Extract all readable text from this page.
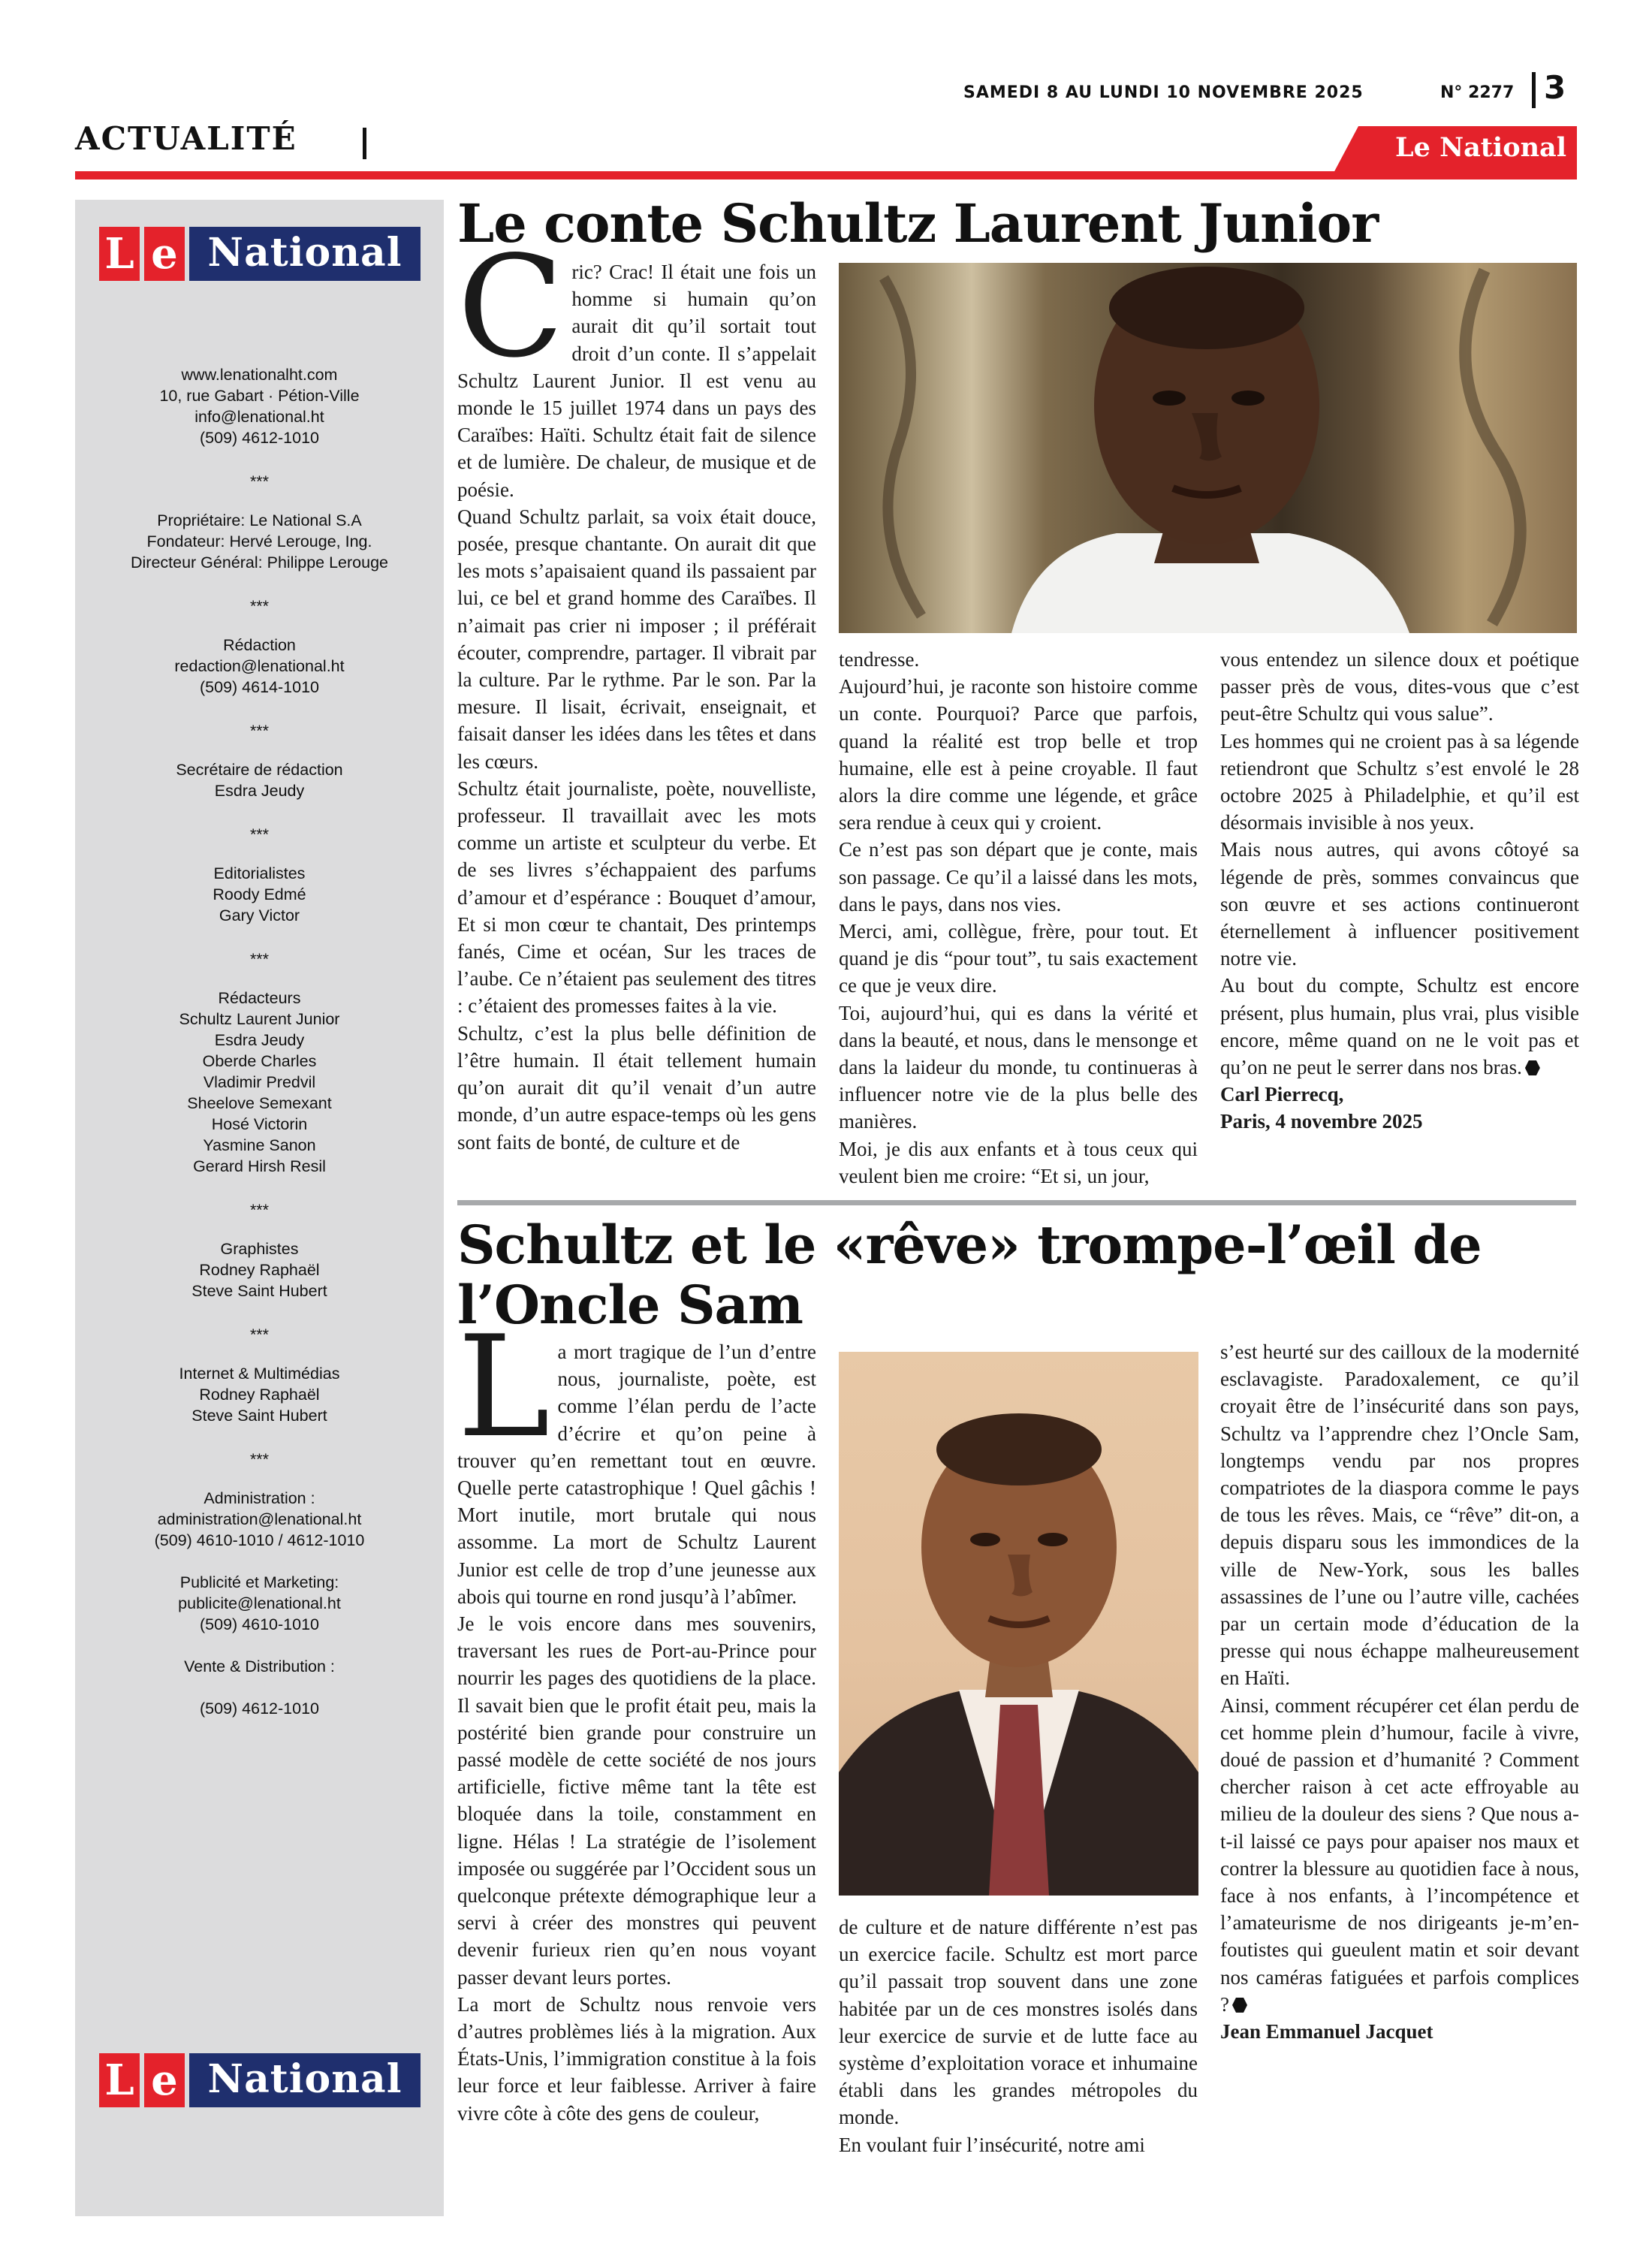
SAMEDI 8 AU LUNDI 10 NOVEMBRE 2025	N° 2277 3
ACTUALITÉ	Le National
L e National
www.lenationalht.com
10, rue Gabart · Pétion-Ville
info@lenational.ht
(509) 4612-1010
***
Propriétaire: Le National S.A
Fondateur: Hervé Lerouge, Ing.
Directeur Général: Philippe Lerouge
***
Rédaction
redaction@lenational.ht
(509) 4614-1010
***
Secrétaire de rédaction
Esdra Jeudy
***
Editorialistes
Roody Edmé
Gary Victor
***
Rédacteurs
Schultz Laurent Junior
Esdra Jeudy
Oberde Charles
Vladimir Predvil
Sheelove Semexant
Hosé Victorin
Yasmine Sanon
Gerard Hirsh Resil
***
Graphistes
Rodney Raphaël
Steve Saint Hubert
***
Internet & Multimédias
Rodney Raphaël
Steve Saint Hubert
***
Administration :
administration@lenational.ht
(509) 4610-1010 / 4612-1010

Publicité et Marketing:
publicite@lenational.ht
(509) 4610-1010

Vente & Distribution :

(509) 4612-1010
L e National
Le conte Schultz Laurent Junior
C ric? Crac! Il était une fois un homme si humain qu’on aurait dit qu’il sortait tout droit d’un conte. Il s’appelait Schultz Laurent Junior. Il est venu au monde le 15 juillet 1974 dans un pays des Caraïbes: Haïti. Schultz était fait de silence et de lumière. De chaleur, de musique et de poésie.

Quand Schultz parlait, sa voix était douce, posée, presque chantante. On aurait dit que les mots s’apaisaient quand ils passaient par lui, ce bel et grand homme des Caraïbes. Il n’aimait pas crier ni imposer ; il préférait écouter, comprendre, partager. Il vibrait par la culture. Par le rythme. Par le son. Par la mesure. Il lisait, écrivait, enseignait, et faisait danser les idées dans les têtes et dans les cœurs.

Schultz était journaliste, poète, nouvelliste, professeur. Il travaillait avec les mots comme un artiste et sculpteur du verbe. Et de ses livres s’échappaient des parfums d’amour et d’espérance : Bouquet d’amour, Et si mon cœur te chantait, Des printemps fanés, Cime et océan, Sur les traces de l’aube. Ce n’étaient pas seulement des titres : c’étaient des promesses faites à la vie.

Schultz, c’est la plus belle définition de l’être humain. Il était tellement humain qu’on aurait dit qu’il venait d’un autre monde, d’un autre espace-temps où les gens sont faits de bonté, de culture et de

tendresse.

Aujourd’hui, je raconte son histoire comme un conte. Pourquoi? Parce que parfois, quand la réalité est trop belle et trop humaine, elle est à peine croyable. Il faut alors la dire comme une légende, et grâce sera rendue à ceux qui y croient.

Ce n’est pas son départ que je conte, mais son passage. Ce qu’il a laissé dans les mots, dans le pays, dans nos vies.

Merci, ami, collègue, frère, pour tout. Et quand je dis “pour tout”, tu sais exactement ce que je veux dire.

Toi, aujourd’hui, qui es dans la vérité et dans la beauté, et nous, dans le mensonge et dans la laideur du monde, tu continueras à influencer notre vie de la plus belle des manières.

Moi, je dis aux enfants et à tous ceux qui veulent bien me croire: “Et si, un jour,

vous entendez un silence doux et poétique passer près de vous, dites-vous que c’est peut-être Schultz qui vous salue”.

Les hommes qui ne croient pas à sa légende retiendront que Schultz s’est envolé le 28 octobre 2025 à Philadelphie, et qu’il est désormais invisible à nos yeux.

Mais nous autres, qui avons côtoyé sa légende de près, sommes convaincus que son œuvre et ses actions continueront éternellement à influencer positivement notre vie.

Au bout du compte, Schultz est encore présent, plus humain, plus vrai, plus visible encore, même quand on ne le voit pas et qu’on ne peut le serrer dans nos bras.

Carl Pierrecq,

Paris, 4 novembre 2025

Schultz et le «rêve» trompe-l’œil de l’Oncle Sam
L a mort tragique de l’un d’entre nous, journaliste, poète, est comme l’élan perdu de l’acte d’écrire et qu’on peine à trouver qu’en remettant tout en œuvre. Quelle perte catastrophique ! Quel gâchis ! Mort inutile, mort brutale qui nous assomme. La mort de Schultz Laurent Junior est celle de trop d’une jeunesse aux abois qui tourne en rond jusqu’à l’abîmer.

Je le vois encore dans mes souvenirs, traversant les rues de Port-au-Prince pour nourrir les pages des quotidiens de la place. Il savait bien que le profit était peu, mais la postérité bien grande pour construire un passé modèle de cette société de nos jours artificielle, fictive même tant la tête est bloquée dans la toile, constamment en ligne. Hélas ! La stratégie de l’isolement imposée ou suggérée par l’Occident sous un quelconque prétexte démographique leur a servi à créer des monstres qui peuvent devenir furieux rien qu’en nous voyant passer devant leurs portes.

La mort de Schultz nous renvoie vers d’autres problèmes liés à la migration. Aux États-Unis, l’immigration constitue à la fois leur force et leur faiblesse. Arriver à faire vivre côte à côte des gens de couleur,

de culture et de nature différente n’est pas un exercice facile. Schultz est mort parce qu’il passait trop souvent dans une zone habitée par un de ces monstres isolés dans leur exercice de survie et de lutte face au système d’exploitation vorace et inhumaine établi dans les grandes métropoles du monde.

En voulant fuir l’insécurité, notre ami

s’est heurté sur des cailloux de la modernité esclavagiste. Paradoxalement, ce qu’il croyait être de l’insécurité dans son pays, Schultz va l’apprendre chez l’Oncle Sam, longtemps vendu par nos propres compatriotes de la diaspora comme le pays de tous les rêves. Mais, ce “rêve” dit-on, a depuis disparu sous les immondices de la ville de New-York, sous les balles assassines de l’une ou l’autre ville, cachées par un certain mode d’éducation de la presse qui nous échappe malheureusement en Haïti.

Ainsi, comment récupérer cet élan perdu de cet homme plein d’humour, facile à vivre, doué de passion et d’humanité ? Comment chercher raison à cet acte effroyable au milieu de la douleur des siens ? Que nous a-t-il laissé ce pays pour apaiser nos maux et contrer la blessure au quotidien face à nous, face à nos enfants, à l’incompétence et l’amateurisme de nos dirigeants je-m’en-foutistes qui gueulent matin et soir devant nos caméras fatiguées et parfois complices ?

Jean Emmanuel Jacquet
